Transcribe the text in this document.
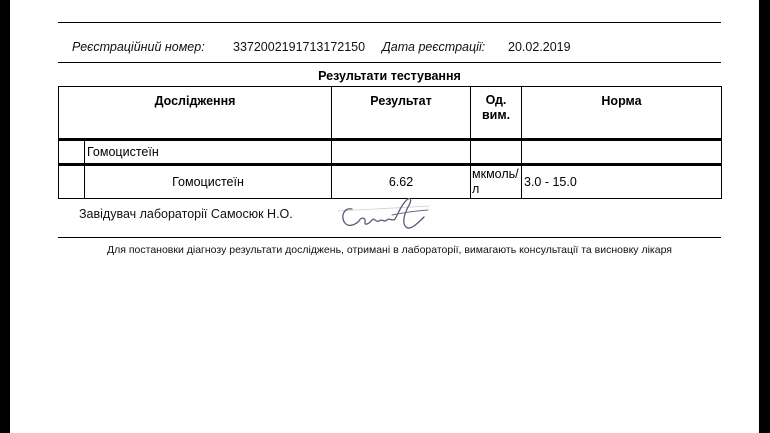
Реєстраційний номер: 3372002191713172150 Дата реєстрації: 20.02.2019
Результати тестування
Дослідження		Результат	Од. вим.	Норма
	Гомоцистеїн			
	Гомоцистеїн	6.62	мкмоль/л	3.0 - 15.0
Завідувач лабораторії Самосюк Н.О.
Для постановки діагнозу результати досліджень, отримані в лабораторії, вимагають консультації та висновку лікаря
